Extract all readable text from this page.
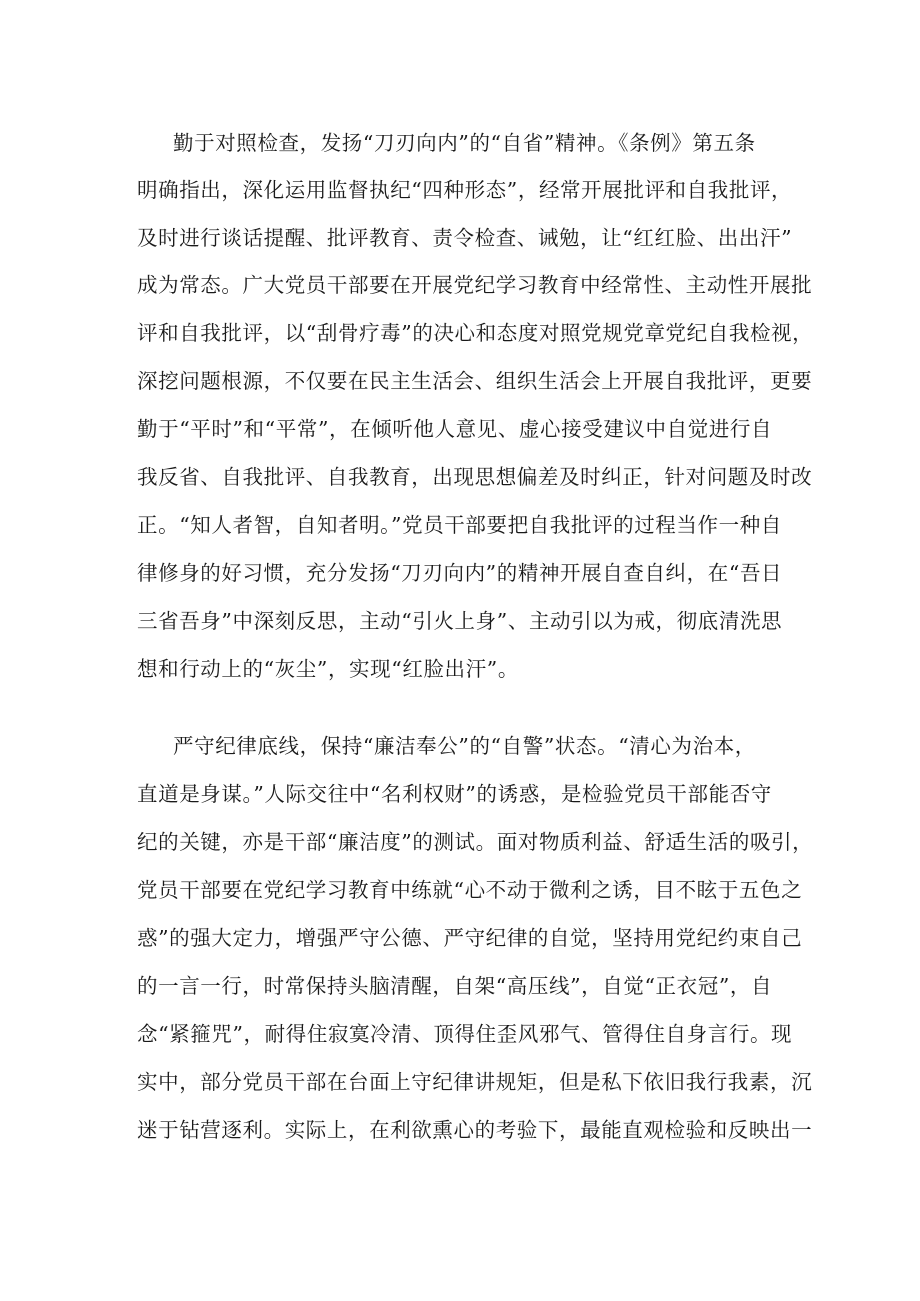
勤于对照检查，发扬“刀刃向内”的“自省”精神。《条例》第五条
明确指出，深化运用监督执纪“四种形态”，经常开展批评和自我批评，
及时进行谈话提醒、批评教育、责令检查、诫勉，让“红红脸、出出汗”
成为常态。广大党员干部要在开展党纪学习教育中经常性、主动性开展批
评和自我批评，以“刮骨疗毒”的决心和态度对照党规党章党纪自我检视，
深挖问题根源，不仅要在民主生活会、组织生活会上开展自我批评，更要
勤于“平时”和“平常”，在倾听他人意见、虚心接受建议中自觉进行自
我反省、自我批评、自我教育，出现思想偏差及时纠正，针对问题及时改
正。“知人者智，自知者明。”党员干部要把自我批评的过程当作一种自
律修身的好习惯，充分发扬“刀刃向内”的精神开展自查自纠，在“吾日
三省吾身”中深刻反思，主动“引火上身”、主动引以为戒，彻底清洗思
想和行动上的“灰尘”，实现“红脸出汗”。
严守纪律底线，保持“廉洁奉公”的“自警”状态。“清心为治本，
直道是身谋。”人际交往中“名利权财”的诱惑，是检验党员干部能否守
纪的关键，亦是干部“廉洁度”的测试。面对物质利益、舒适生活的吸引，
党员干部要在党纪学习教育中练就“心不动于微利之诱，目不眩于五色之
惑”的强大定力，增强严守公德、严守纪律的自觉，坚持用党纪约束自己
的一言一行，时常保持头脑清醒，自架“高压线”，自觉“正衣冠”，自
念“紧箍咒”，耐得住寂寞冷清、顶得住歪风邪气、管得住自身言行。现
实中，部分党员干部在台面上守纪律讲规矩，但是私下依旧我行我素，沉
迷于钻营逐利。实际上，在利欲熏心的考验下，最能直观检验和反映出一
